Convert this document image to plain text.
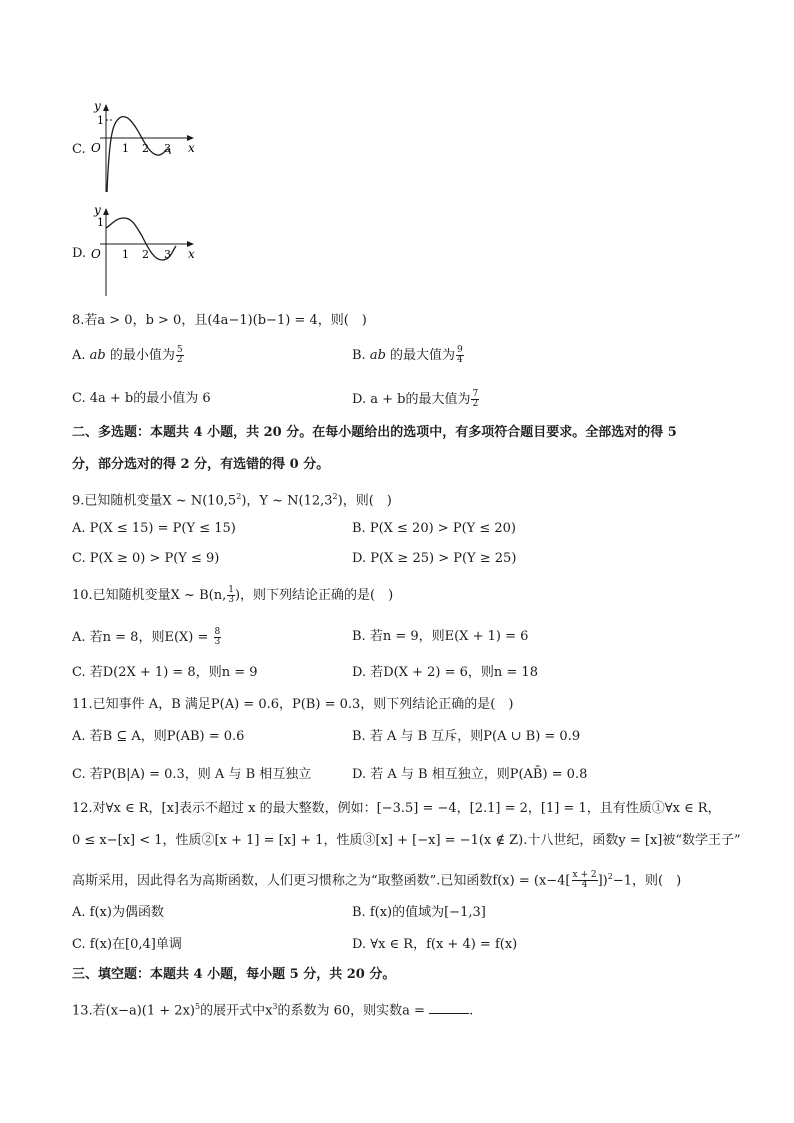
C.
y
1
O 1 2 3 x
D.
y
1
O 1 2 3 x
8.若a > 0，b > 0，且(4a−1)(b−1) = 4，则(　)
A. ab 的最小值为 $\frac{5}{2}$	B. ab 的最大值为 $\frac{9}{4}$
C. 4a + b的最小值为 6	D. a + b的最大值为 $\frac{7}{2}$
二、多选题：本题共 4 小题，共 20 分。在每小题给出的选项中，有多项符合题目要求。全部选对的得 5
分，部分选对的得 2 分，有选错的得 0 分。
9.已知随机变量X ~ N(10,5$^2$)，Y ~ N(12,3$^2$)，则(　)
A. P(X ≤ 15) = P(Y ≤ 15)	B. P(X ≤ 20) > P(Y ≤ 20)
C. P(X ≥ 0) > P(Y ≤ 9)	D. P(X ≥ 25) > P(Y ≥ 25)
10.已知随机变量X ~ B(n, $\frac{1}{3}$ )，则下列结论正确的是(　)
A. 若n = 8，则$E(X) = \frac{8}{3}$	B. 若n = 9，则E(X + 1) = 6
C. 若D(2X + 1) = 8，则n = 9	D. 若D(X + 2) = 6，则n = 18
11.已知事件 A，B 满足P(A) = 0.6，P(B) = 0.3，则下列结论正确的是(　)
A. 若B ⊆ A，则P(AB) = 0.6	B. 若 A 与 B 互斥，则P(A ∪ B) = 0.9
C. 若P(B|A) = 0.3，则 A 与 B 相互独立	D. 若 A 与 B 相互独立，则P(AB̄) = 0.8
12.对∀x ∈ R，[x]表示不超过 x 的最大整数，例如：[−3.5] = −4，[2.1] = 2，[1] = 1，且有性质①∀x ∈ R，
0 ≤ x−[x] < 1，性质②[x + 1] = [x] + 1，性质③[x] + [−x] = −1(x ∉ Z).十八世纪，函数y = [x]被“数学王子”
高斯采用，因此得名为高斯函数，人们更习惯称之为“取整函数”.已知函数$f(x) = (x-4[ \frac{x + 2}{4} ])^2-1$，则(　)
A. f(x)为偶函数	B. f(x)的值域为[−1,3]
C. f(x)在[0,4]单调	D. ∀x ∈ R，f(x + 4) = f(x)
三、填空题：本题共 4 小题，每小题 5 分，共 20 分。
13.若$(x-a)(1 + 2x)^5$的展开式中$x^3$的系数为 60，则实数a =	.
